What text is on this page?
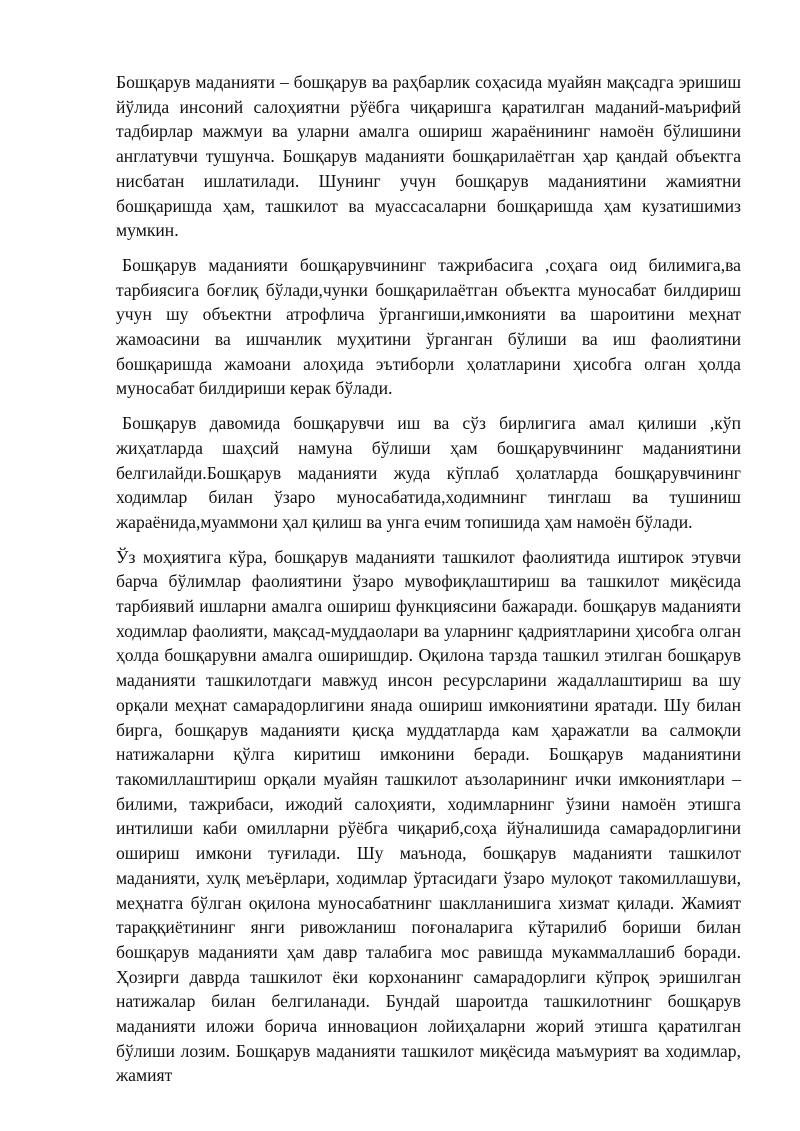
Бошқарув маданияти – бошқарув ва раҳбарлик соҳасида муайян мақсадга эришиш йўлида инсоний салоҳиятни рўёбга чиқаришга қаратилган маданий-маърифий тадбирлар мажмуи ва уларни амалга ошириш жараёнининг намоён бўлишини англатувчи тушунча. Бошқарув маданияти бошқарилаётган ҳар қандай объектга нисбатан ишлатилади. Шунинг учун бошқарув маданиятини жамиятни бошқаришда ҳам, ташкилот ва муассасаларни бошқаришда ҳам кузатишимиз мумкин.

Бошқарув маданияти бошқарувчининг тажрибасига ,соҳага оид билимига,ва тарбиясига боғлиқ бўлади,чунки бошқарилаётган объектга муносабат билдириш учун шу объектни атрофлича ўргангиши,имконияти ва шароитини меҳнат жамоасини ва ишчанлик муҳитини ўрганган бўлиши ва иш фаолиятини бошқаришда жамоани алоҳида эътиборли ҳолатларини ҳисобга олган ҳолда муносабат билдириши керак бўлади.

Бошқарув давомида бошқарувчи иш ва сўз бирлигига амал қилиши ,кўп жиҳатларда шаҳсий намуна бўлиши ҳам бошқарувчининг маданиятини белгилайди.Бошқарув маданияти жуда кўплаб ҳолатларда бошқарувчининг ходимлар билан ўзаро муносабатида,ходимнинг тинглаш ва тушиниш жараёнида,муаммони ҳал қилиш ва унга ечим топишида ҳам намоён бўлади.

Ўз моҳиятига кўра, бошқарув маданияти ташкилот фаолиятида иштирок этувчи барча бўлимлар фаолиятини ўзаро мувофиқлаштириш ва ташкилот миқёсида тарбиявий ишларни амалга ошириш функциясини бажаради. бошқарув маданияти ходимлар фаолияти, мақсад-муддаолари ва уларнинг қадриятларини ҳисобга олган ҳолда бошқарувни амалга оширишдир. Оқилона тарзда ташкил этилган бошқарув маданияти ташкилотдаги мавжуд инсон ресурсларини жадаллаштириш ва шу орқали меҳнат самарадорлигини янада ошириш имкониятини яратади. Шу билан бирга, бошқарув маданияти қисқа муддатларда кам ҳаражатли ва салмоқли натижаларни қўлга киритиш имконини беради. Бошқарув маданиятини такомиллаштириш орқали муайян ташкилот аъзоларининг ички имкониятлари – билими, тажрибаси, ижодий салоҳияти, ходимларнинг ўзини намоён этишга интилиши каби омилларни рўёбга чиқариб,соҳа йўналишида самарадорлигини ошириш имкони туғилади. Шу маънода, бошқарув маданияти ташкилот маданияти, хулқ меъёрлари, ходимлар ўртасидаги ўзаро мулоқот такомиллашуви, меҳнатга бўлган оқилона муносабатнинг шаклланишига хизмат қилади. Жамият тараққиётининг янги ривожланиш поғоналарига кўтарилиб бориши билан бошқарув маданияти ҳам давр талабига мос равишда мукаммаллашиб боради. Ҳозирги даврда ташкилот ёки корхонанинг самарадорлиги кўпроқ эришилган натижалар билан белгиланади. Бундай шароитда ташкилотнинг бошқарув маданияти иложи борича инновацион лойиҳаларни жорий этишга қаратилган бўлиши лозим. Бошқарув маданияти ташкилот миқёсида маъмурият ва ходимлар, жамият
